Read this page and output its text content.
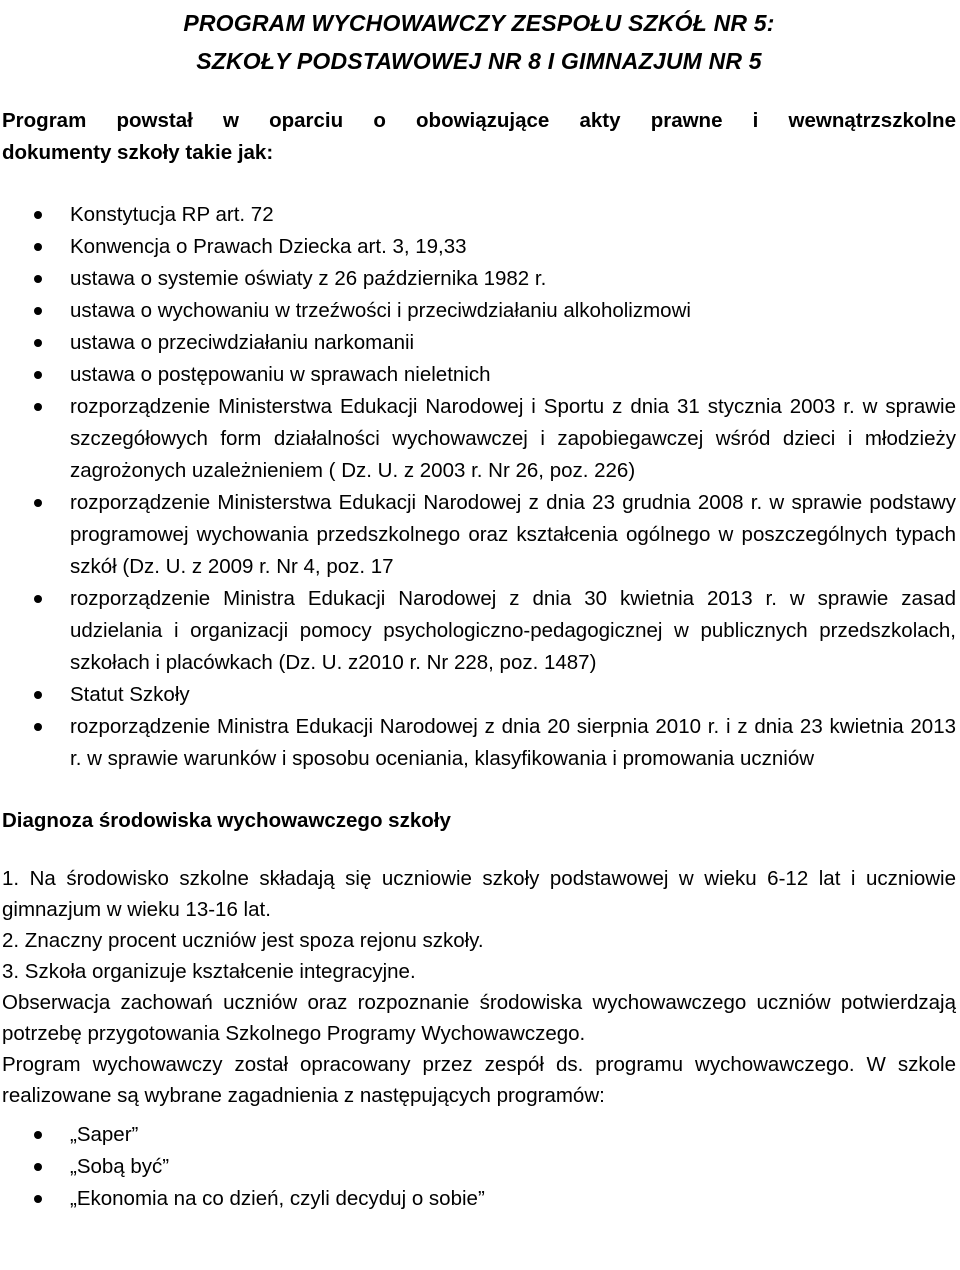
PROGRAM WYCHOWAWCZY ZESPOŁU SZKÓŁ NR 5:
SZKOŁY PODSTAWOWEJ NR 8 I GIMNAZJUM NR 5

Program powstał w oparciu o obowiązujące akty prawne i wewnątrzszkolne
dokumenty szkoły takie jak:

Konstytucja RP art. 72
Konwencja o Prawach Dziecka art. 3, 19,33
ustawa o systemie oświaty z 26 października 1982 r.
ustawa o wychowaniu w trzeźwości i przeciwdziałaniu alkoholizmowi
ustawa o przeciwdziałaniu narkomanii
ustawa o postępowaniu w sprawach nieletnich
rozporządzenie Ministerstwa Edukacji Narodowej i Sportu z dnia 31 stycznia 2003 r. w sprawie szczegółowych form działalności wychowawczej i zapobiegawczej wśród dzieci i młodzieży zagrożonych uzależnieniem ( Dz. U. z 2003 r. Nr 26, poz. 226)
rozporządzenie Ministerstwa Edukacji Narodowej z dnia 23 grudnia 2008 r. w sprawie podstawy programowej wychowania przedszkolnego oraz kształcenia ogólnego w poszczególnych typach szkół (Dz. U. z 2009 r. Nr 4, poz. 17
rozporządzenie Ministra Edukacji Narodowej z dnia 30 kwietnia 2013 r. w sprawie zasad udzielania i organizacji pomocy psychologiczno-pedagogicznej w publicznych przedszkolach, szkołach i placówkach (Dz. U. z2010 r. Nr 228, poz. 1487)
Statut Szkoły
rozporządzenie Ministra Edukacji Narodowej z dnia 20 sierpnia 2010 r. i z dnia 23 kwietnia 2013 r. w sprawie warunków i sposobu oceniania, klasyfikowania i promowania uczniów
Diagnoza środowiska wychowawczego szkoły

1. Na środowisko szkolne składają się uczniowie szkoły podstawowej w wieku 6-12 lat i uczniowie gimnazjum w wieku 13-16 lat.

2. Znaczny procent uczniów jest spoza rejonu szkoły.

3. Szkoła organizuje kształcenie integracyjne.

Obserwacja zachowań uczniów oraz rozpoznanie środowiska wychowawczego uczniów potwierdzają potrzebę przygotowania Szkolnego Programy Wychowawczego.

Program wychowawczy został opracowany przez zespół ds. programu wychowawczego. W szkole realizowane są wybrane zagadnienia z następujących programów:

„Saper”
„Sobą być”
„Ekonomia na co dzień, czyli decyduj o sobie”
